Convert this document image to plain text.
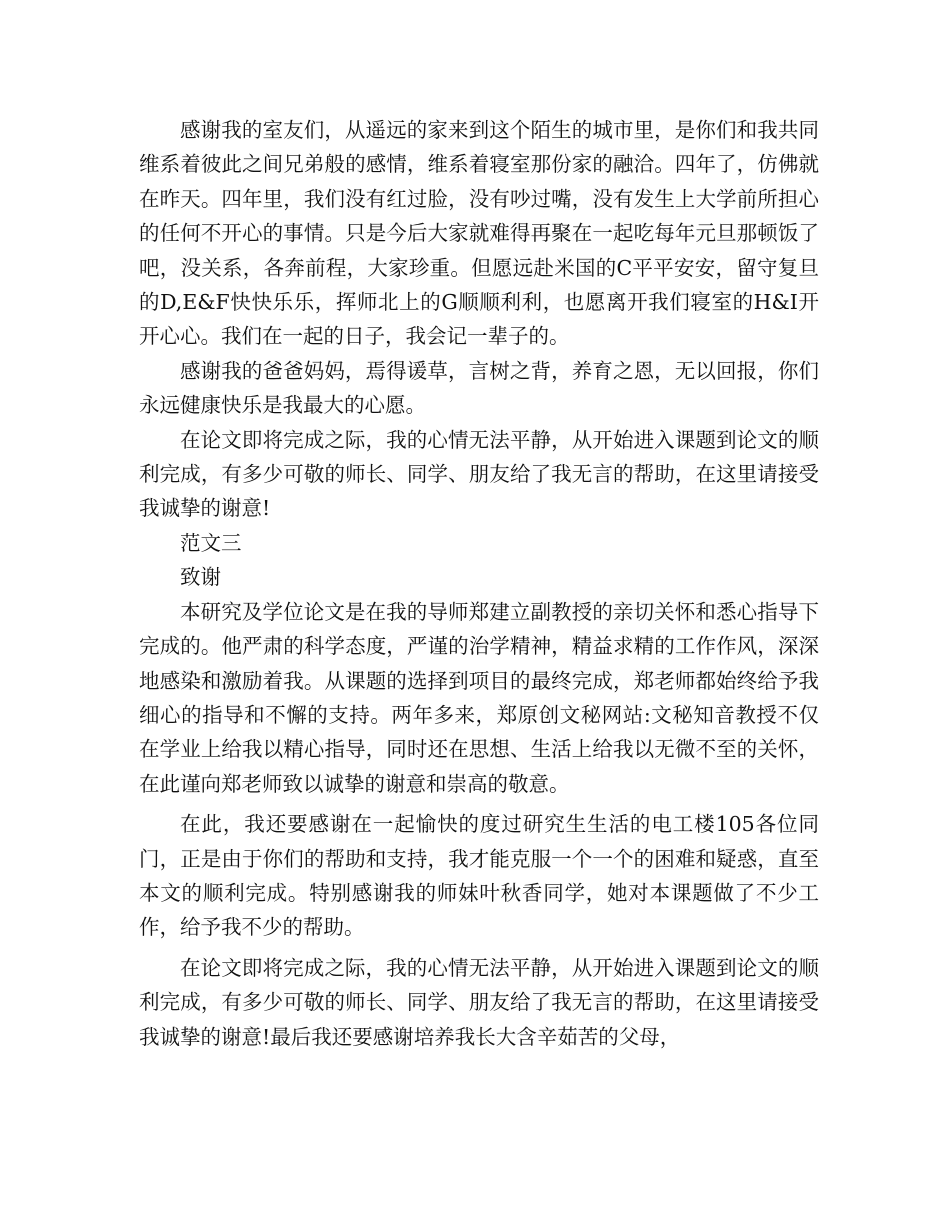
感谢我的室友们，从遥远的家来到这个陌生的城市里，是你们和我共同维系着彼此之间兄弟般的感情，维系着寝室那份家的融洽。四年了，仿佛就在昨天。四年里，我们没有红过脸，没有吵过嘴，没有发生上大学前所担心的任何不开心的事情。只是今后大家就难得再聚在一起吃每年元旦那顿饭了吧，没关系，各奔前程，大家珍重。但愿远赴米国的C平平安安，留守复旦的D,E&F快快乐乐，挥师北上的G顺顺利利，也愿离开我们寝室的H&I开开心心。我们在一起的日子，我会记一辈子的。

感谢我的爸爸妈妈，焉得谖草，言树之背，养育之恩，无以回报，你们永远健康快乐是我最大的心愿。

在论文即将完成之际，我的心情无法平静，从开始进入课题到论文的顺利完成，有多少可敬的师长、同学、朋友给了我无言的帮助，在这里请接受我诚挚的谢意!

范文三

致谢

本研究及学位论文是在我的导师郑建立副教授的亲切关怀和悉心指导下完成的。他严肃的科学态度，严谨的治学精神，精益求精的工作作风，深深地感染和激励着我。从课题的选择到项目的最终完成，郑老师都始终给予我细心的指导和不懈的支持。两年多来，郑原创文秘网站:文秘知音教授不仅在学业上给我以精心指导，同时还在思想、生活上给我以无微不至的关怀，在此谨向郑老师致以诚挚的谢意和崇高的敬意。

在此，我还要感谢在一起愉快的度过研究生生活的电工楼105各位同门，正是由于你们的帮助和支持，我才能克服一个一个的困难和疑惑，直至本文的顺利完成。特别感谢我的师妹叶秋香同学，她对本课题做了不少工作，给予我不少的帮助。

在论文即将完成之际，我的心情无法平静，从开始进入课题到论文的顺利完成，有多少可敬的师长、同学、朋友给了我无言的帮助，在这里请接受我诚挚的谢意!最后我还要感谢培养我长大含辛茹苦的父母，
